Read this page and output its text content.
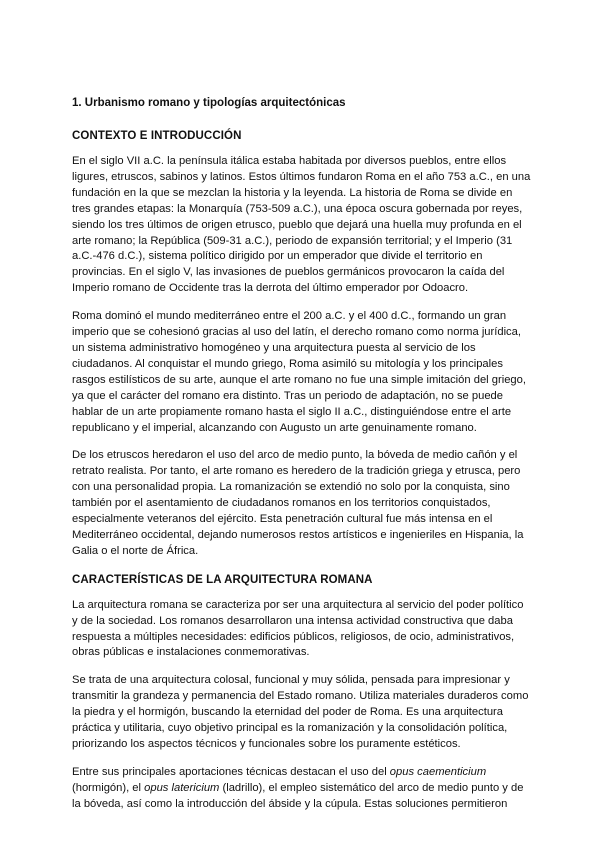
1. Urbanismo romano y tipologías arquitectónicas
CONTEXTO E INTRODUCCIÓN

En el siglo VII a.C. la península itálica estaba habitada por diversos pueblos, entre ellos ligures, etruscos, sabinos y latinos. Estos últimos fundaron Roma en el año 753 a.C., en una fundación en la que se mezclan la historia y la leyenda. La historia de Roma se divide en tres grandes etapas: la Monarquía (753-509 a.C.), una época oscura gobernada por reyes, siendo los tres últimos de origen etrusco, pueblo que dejará una huella muy profunda en el arte romano; la República (509-31 a.C.), periodo de expansión territorial; y el Imperio (31 a.C.-476 d.C.), sistema político dirigido por un emperador que divide el territorio en provincias. En el siglo V, las invasiones de pueblos germánicos provocaron la caída del Imperio romano de Occidente tras la derrota del último emperador por Odoacro.

Roma dominó el mundo mediterráneo entre el 200 a.C. y el 400 d.C., formando un gran imperio que se cohesionó gracias al uso del latín, el derecho romano como norma jurídica, un sistema administrativo homogéneo y una arquitectura puesta al servicio de los ciudadanos. Al conquistar el mundo griego, Roma asimiló su mitología y los principales rasgos estilísticos de su arte, aunque el arte romano no fue una simple imitación del griego, ya que el carácter del romano era distinto. Tras un periodo de adaptación, no se puede hablar de un arte propiamente romano hasta el siglo II a.C., distinguiéndose entre el arte republicano y el imperial, alcanzando con Augusto un arte genuinamente romano.

De los etruscos heredaron el uso del arco de medio punto, la bóveda de medio cañón y el retrato realista. Por tanto, el arte romano es heredero de la tradición griega y etrusca, pero con una personalidad propia. La romanización se extendió no solo por la conquista, sino también por el asentamiento de ciudadanos romanos en los territorios conquistados, especialmente veteranos del ejército. Esta penetración cultural fue más intensa en el Mediterráneo occidental, dejando numerosos restos artísticos e ingenieriles en Hispania, la Galia o el norte de África.

CARACTERÍSTICAS DE LA ARQUITECTURA ROMANA

La arquitectura romana se caracteriza por ser una arquitectura al servicio del poder político y de la sociedad. Los romanos desarrollaron una intensa actividad constructiva que daba respuesta a múltiples necesidades: edificios públicos, religiosos, de ocio, administrativos, obras públicas e instalaciones conmemorativas.

Se trata de una arquitectura colosal, funcional y muy sólida, pensada para impresionar y transmitir la grandeza y permanencia del Estado romano. Utiliza materiales duraderos como la piedra y el hormigón, buscando la eternidad del poder de Roma. Es una arquitectura práctica y utilitaria, cuyo objetivo principal es la romanización y la consolidación política, priorizando los aspectos técnicos y funcionales sobre los puramente estéticos.

Entre sus principales aportaciones técnicas destacan el uso del opus caementicium (hormigón), el opus latericium (ladrillo), el empleo sistemático del arco de medio punto y de la bóveda, así como la introducción del ábside y la cúpula. Estas soluciones permitieron
